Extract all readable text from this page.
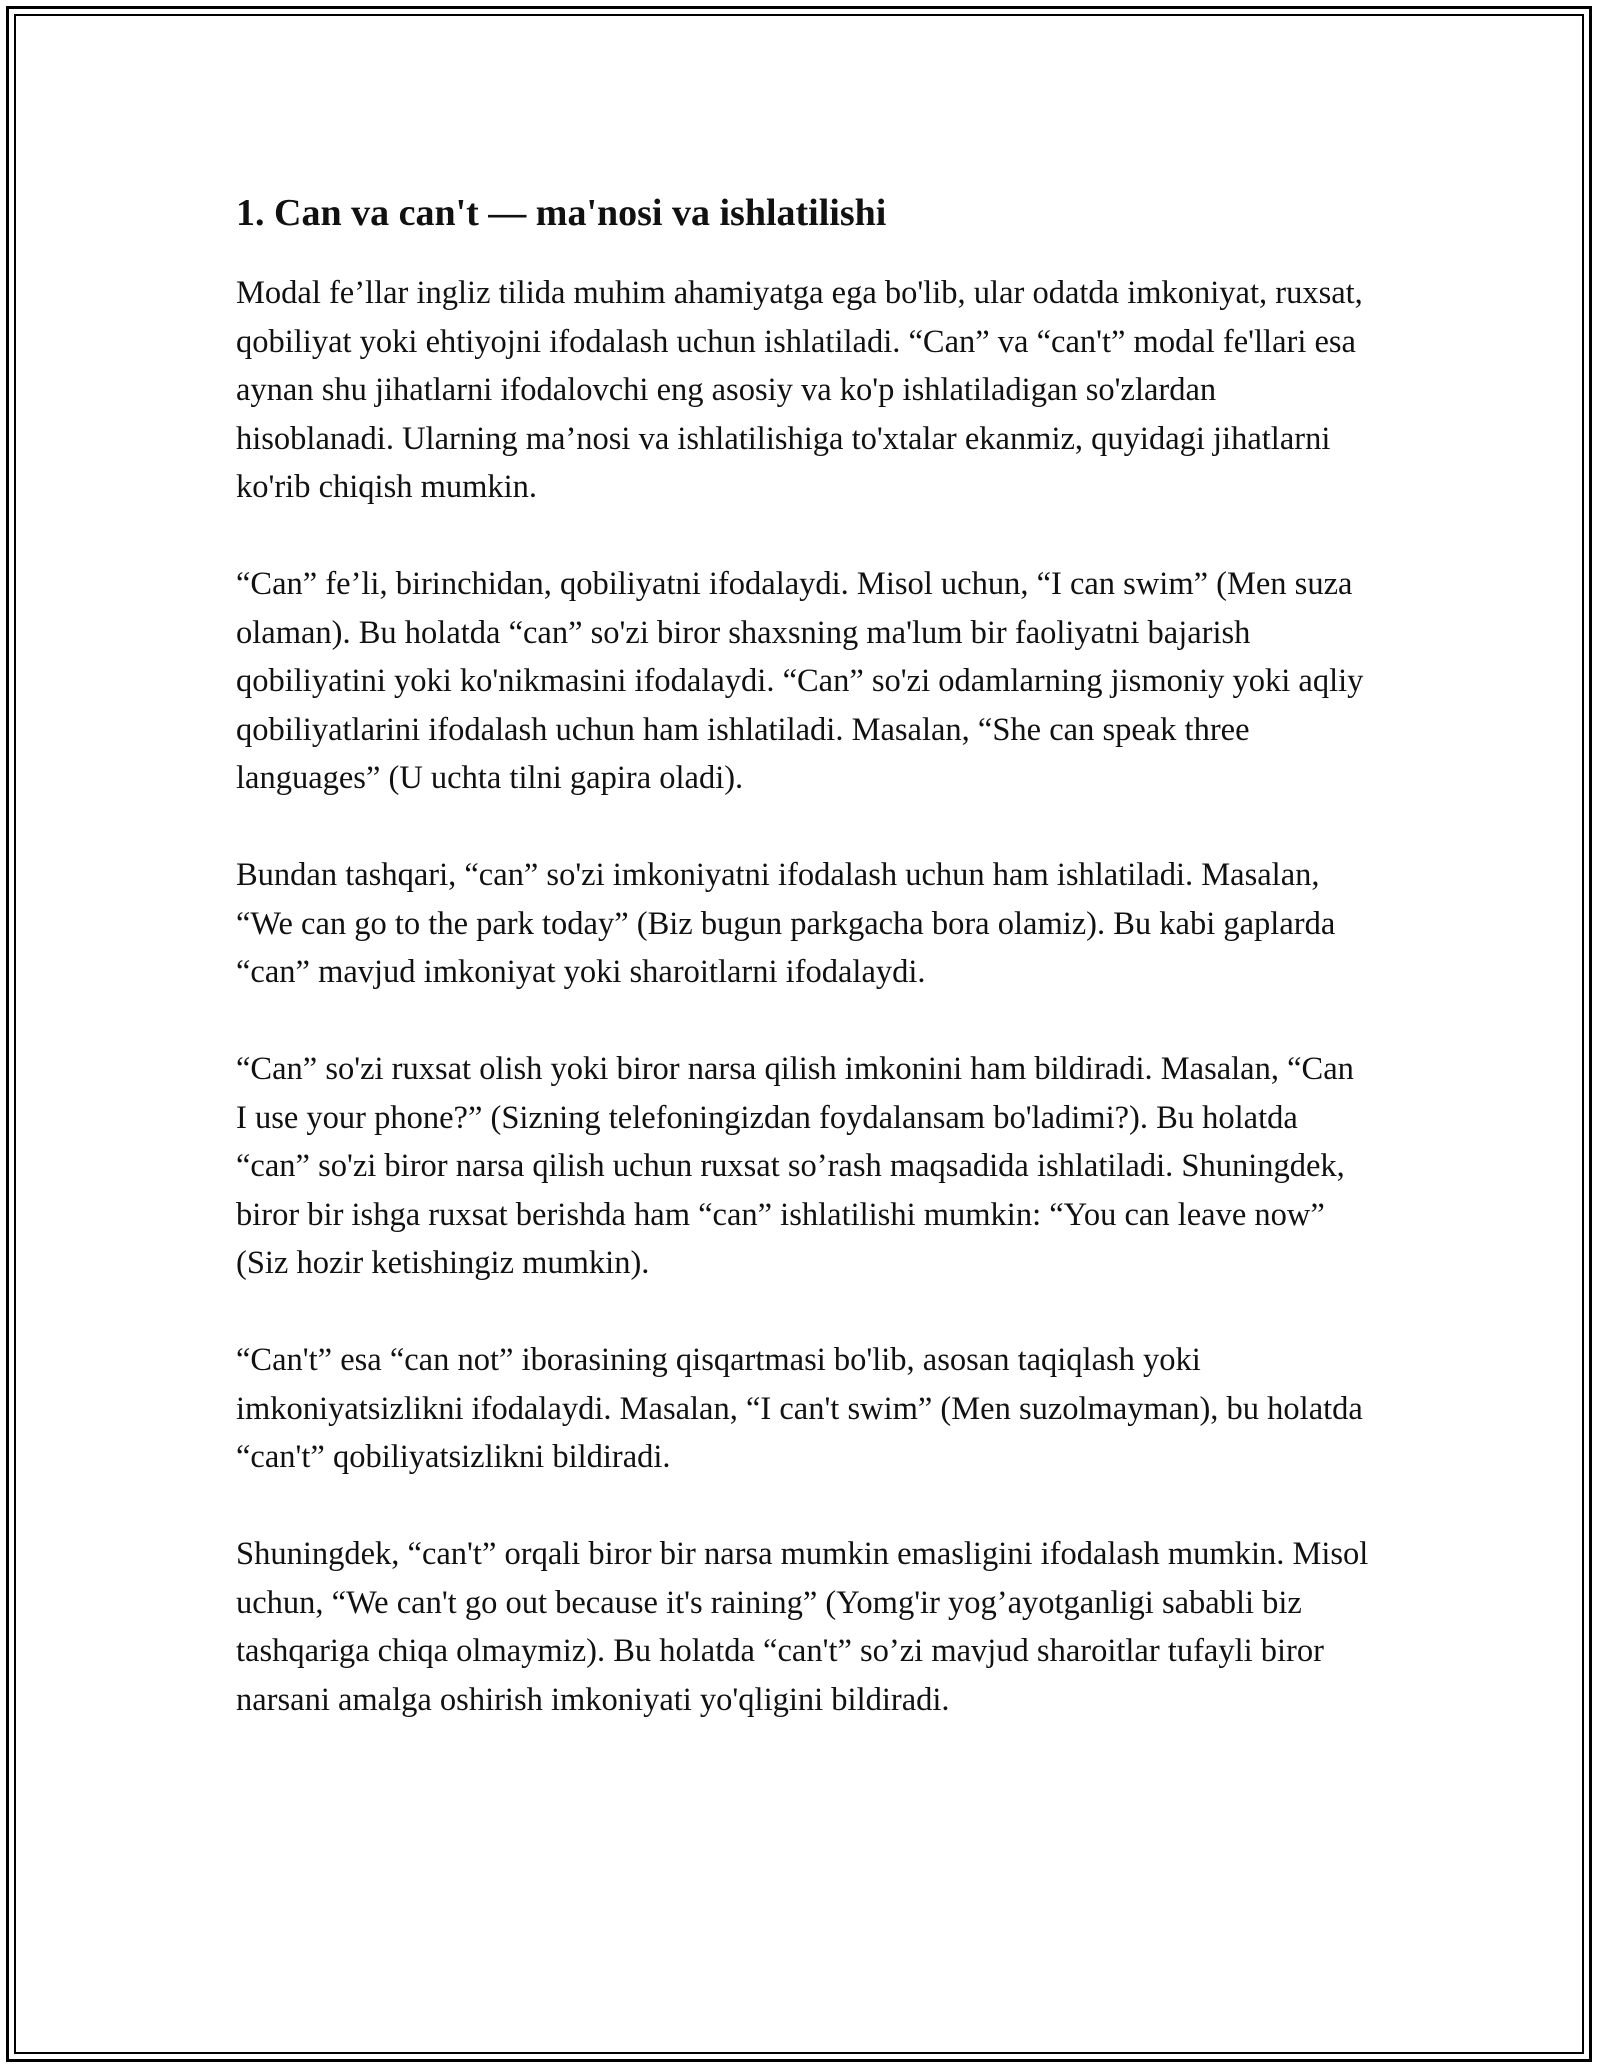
1. Can va can't — ma'nosi va ishlatilishi

Modal fe’llar ingliz tilida muhim ahamiyatga ega bo'lib, ular odatda imkoniyat, ruxsat, qobiliyat yoki ehtiyojni ifodalash uchun ishlatiladi. “Can” va “can't” modal fe'llari esa aynan shu jihatlarni ifodalovchi eng asosiy va ko'p ishlatiladigan so'zlardan hisoblanadi. Ularning ma’nosi va ishlatilishiga to'xtalar ekanmiz, quyidagi jihatlarni ko'rib chiqish mumkin.

“Can” fe’li, birinchidan, qobiliyatni ifodalaydi. Misol uchun, “I can swim” (Men suza olaman). Bu holatda “can” so'zi biror shaxsning ma'lum bir faoliyatni bajarish qobiliyatini yoki ko'nikmasini ifodalaydi. “Can” so'zi odamlarning jismoniy yoki aqliy qobiliyatlarini ifodalash uchun ham ishlatiladi. Masalan, “She can speak three languages” (U uchta tilni gapira oladi).

Bundan tashqari, “can” so'zi imkoniyatni ifodalash uchun ham ishlatiladi. Masalan, “We can go to the park today” (Biz bugun parkgacha bora olamiz). Bu kabi gaplarda “can” mavjud imkoniyat yoki sharoitlarni ifodalaydi.

“Can” so'zi ruxsat olish yoki biror narsa qilish imkonini ham bildiradi. Masalan, “Can I use your phone?” (Sizning telefoningizdan foydalansam bo'ladimi?). Bu holatda “can” so'zi biror narsa qilish uchun ruxsat so’rash maqsadida ishlatiladi. Shuningdek, biror bir ishga ruxsat berishda ham “can” ishlatilishi mumkin: “You can leave now” (Siz hozir ketishingiz mumkin).

“Can't” esa “can not” iborasining qisqartmasi bo'lib, asosan taqiqlash yoki imkoniyatsizlikni ifodalaydi. Masalan, “I can't swim” (Men suzolmayman), bu holatda “can't” qobiliyatsizlikni bildiradi.

Shuningdek, “can't” orqali biror bir narsa mumkin emasligini ifodalash mumkin. Misol uchun, “We can't go out because it's raining” (Yomg'ir yog’ayotganligi sababli biz tashqariga chiqa olmaymiz). Bu holatda “can't” so’zi mavjud sharoitlar tufayli biror narsani amalga oshirish imkoniyati yo'qligini bildiradi.
